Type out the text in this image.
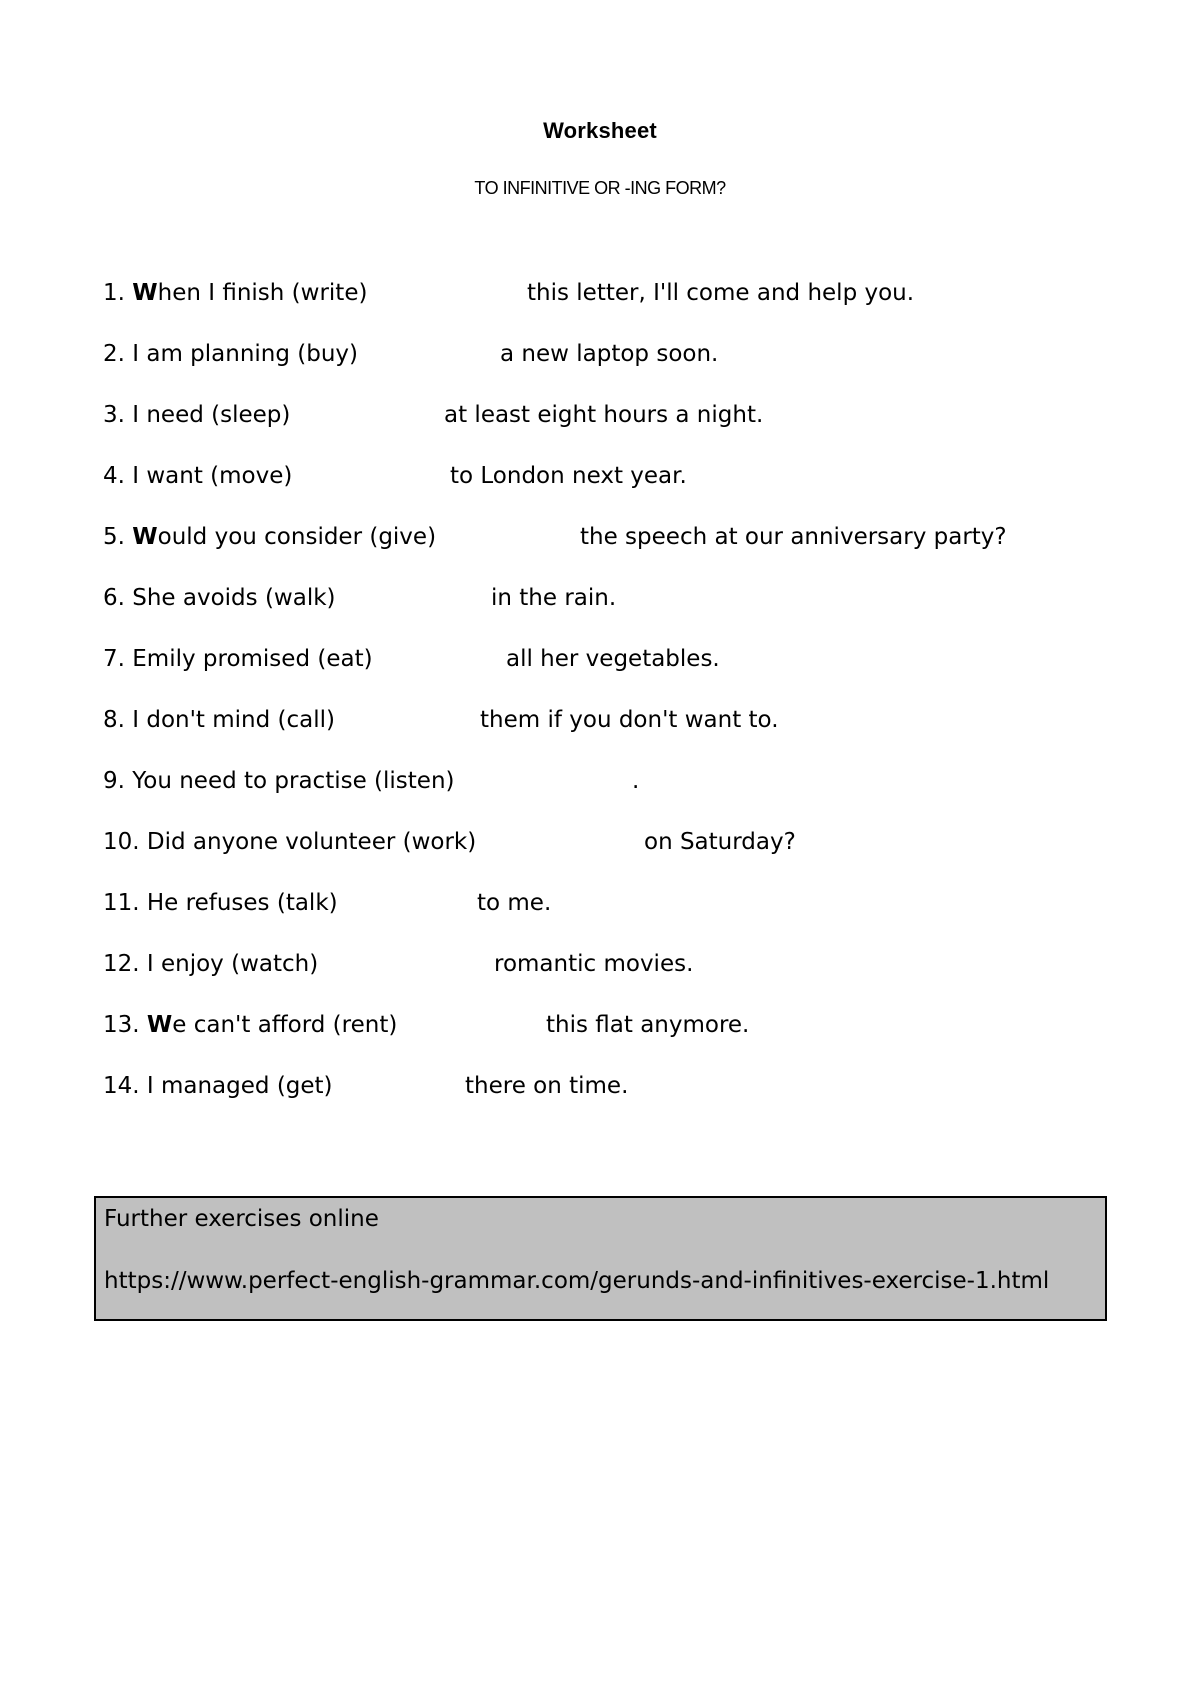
Worksheet
TO INFINITIVE OR -ING FORM?
1. When I finish (write)	this letter, I'll come and help you.
2. I am planning (buy)	a new laptop soon.
3. I need (sleep)	at least eight hours a night.
4. I want (move)	to London next year.
5. Would you consider (give)	the speech at our anniversary party?
6. She avoids (walk)	in the rain.
7. Emily promised (eat)	all her vegetables.
8. I don't mind (call)	them if you don't want to.
9. You need to practise (listen)	.
10. Did anyone volunteer (work)	on Saturday?
11. He refuses (talk)	to me.
12. I enjoy (watch)	romantic movies.
13. We can't afford (rent)	this flat anymore.
14. I managed (get)	there on time.
Further exercises online
https://www.perfect-english-grammar.com/gerunds-and-infinitives-exercise-1.html
